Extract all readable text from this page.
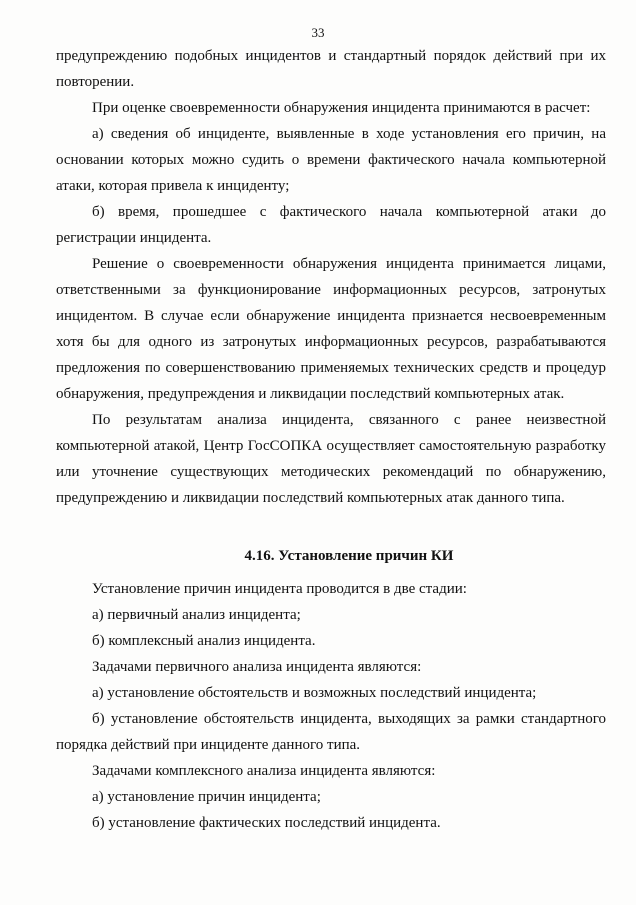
33

предупреждению подобных инцидентов и стандартный порядок действий при их повторении.

При оценке своевременности обнаружения инцидента принимаются в расчет:

а) сведения об инциденте, выявленные в ходе установления его причин, на основании которых можно судить о времени фактического начала компьютерной атаки, которая привела к инциденту;

б) время, прошедшее с фактического начала компьютерной атаки до регистрации инцидента.

Решение о своевременности обнаружения инцидента принимается лицами, ответственными за функционирование информационных ресурсов, затронутых инцидентом. В случае если обнаружение инцидента признается несвоевременным хотя бы для одного из затронутых информационных ресурсов, разрабатываются предложения по совершенствованию применяемых технических средств и процедур обнаружения, предупреждения и ликвидации последствий компьютерных атак.

По результатам анализа инцидента, связанного с ранее неизвестной компьютерной атакой, Центр ГосСОПКА осуществляет самостоятельную разработку или уточнение существующих методических рекомендаций по обнаружению, предупреждению и ликвидации последствий компьютерных атак данного типа.

4.16. Установление причин КИ

Установление причин инцидента проводится в две стадии:

а) первичный анализ инцидента;

б) комплексный анализ инцидента.

Задачами первичного анализа инцидента являются:

а) установление обстоятельств и возможных последствий инцидента;

б) установление обстоятельств инцидента, выходящих за рамки стандартного порядка действий при инциденте данного типа.

Задачами комплексного анализа инцидента являются:

а) установление причин инцидента;

б) установление фактических последствий инцидента.
